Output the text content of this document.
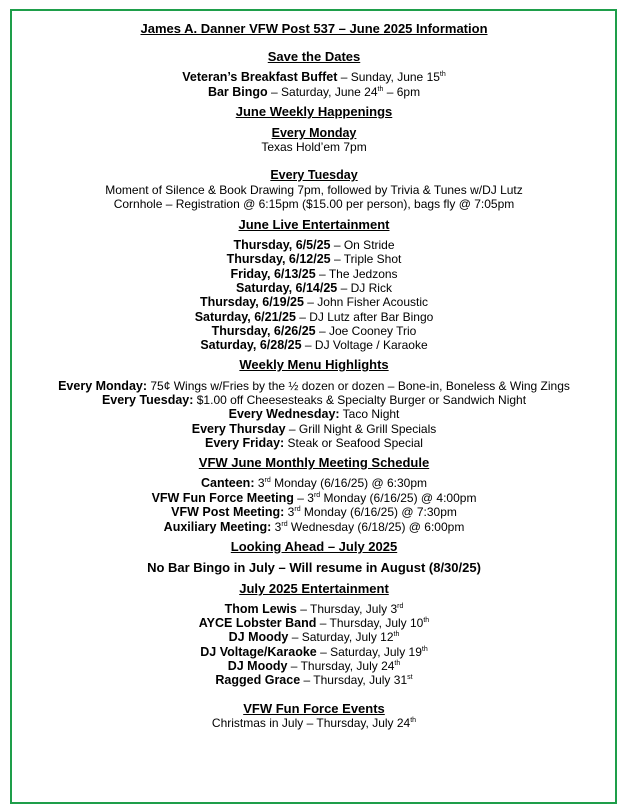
James A. Danner VFW Post 537 – June 2025 Information
Save the Dates
Veteran’s Breakfast Buffet – Sunday, June 15th
Bar Bingo – Saturday, June 24th – 6pm
June Weekly Happenings
Every Monday
Texas Hold’em 7pm
Every Tuesday
Moment of Silence & Book Drawing 7pm, followed by Trivia & Tunes w/DJ Lutz
Cornhole – Registration @ 6:15pm ($15.00 per person), bags fly @ 7:05pm
June Live Entertainment
Thursday, 6/5/25 – On Stride
Thursday, 6/12/25 – Triple Shot
Friday, 6/13/25 – The Jedzons
Saturday, 6/14/25 – DJ Rick
Thursday, 6/19/25 – John Fisher Acoustic
Saturday, 6/21/25 – DJ Lutz after Bar Bingo
Thursday, 6/26/25 – Joe Cooney Trio
Saturday, 6/28/25 – DJ Voltage / Karaoke
Weekly Menu Highlights
Every Monday: 75¢ Wings w/Fries by the ½ dozen or dozen – Bone-in, Boneless & Wing Zings
Every Tuesday: $1.00 off Cheesesteaks & Specialty Burger or Sandwich Night
Every Wednesday: Taco Night
Every Thursday – Grill Night & Grill Specials
Every Friday: Steak or Seafood Special
VFW June Monthly Meeting Schedule
Canteen: 3rd Monday (6/16/25) @ 6:30pm
VFW Fun Force Meeting – 3rd Monday (6/16/25) @ 4:00pm
VFW Post Meeting: 3rd Monday (6/16/25) @ 7:30pm
Auxiliary Meeting: 3rd Wednesday (6/18/25) @ 6:00pm
Looking Ahead – July 2025
No Bar Bingo in July – Will resume in August (8/30/25)
July 2025 Entertainment
Thom Lewis – Thursday, July 3rd
AYCE Lobster Band – Thursday, July 10th
DJ Moody – Saturday, July 12th
DJ Voltage/Karaoke – Saturday, July 19th
DJ Moody – Thursday, July 24th
Ragged Grace – Thursday, July 31st
VFW Fun Force Events
Christmas in July – Thursday, July 24th
